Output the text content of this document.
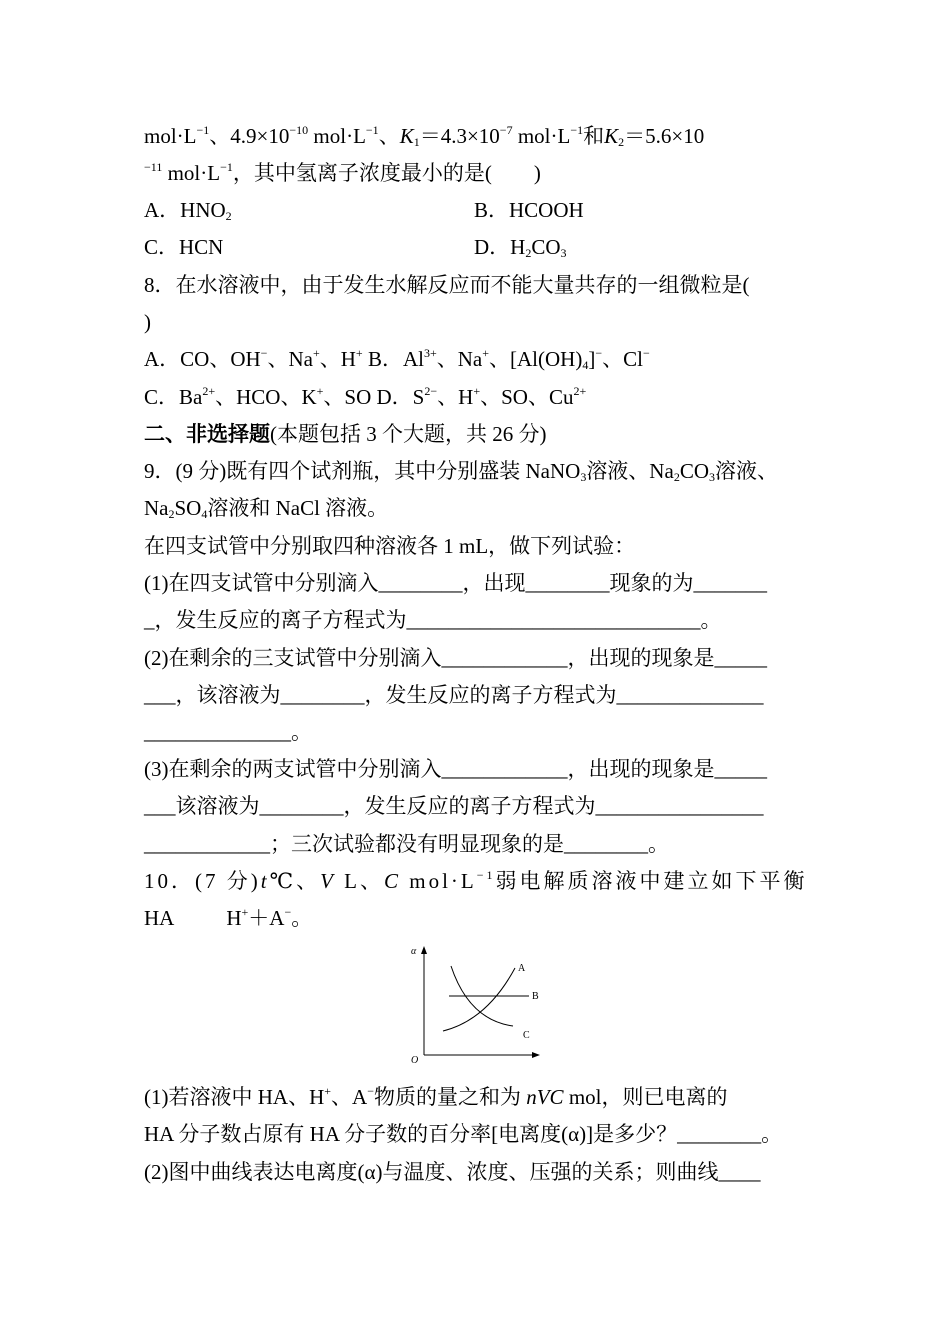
$mol\cdot L^{-1}$、$4.9\times 10^{-10}$ $mol\cdot L^{-1}$、$K_1=4.3\times 10^{-7}$ $mol\cdot L^{-1}$和$K_2=5.6\times 10$
$^{-11}$ $mol\cdot L^{-1}$，其中氢离子浓度最小的是(　　)
A．$HNO_2$	B．HCOOH
C．HCN	D．$H_2CO_3$
8．在水溶液中，由于发生水解反应而不能大量共存的一组微粒是(
)
A．CO、OH−、Na+、H+ B．$Al^{3+}$、Na+、$[Al(OH)_4]^-$、Cl−
C．$Ba^{2+}$、HCO、K+、SO D．$S^{2-}$、H+、SO、$Cu^{2+}$
二、非选择题(本题包括 3 个大题，共 26 分)
9．(9 分)既有四个试剂瓶，其中分别盛装 NaNO$_3$溶液、$Na_2CO_3$溶液、
$Na_2SO_4$溶液和 NaCl 溶液。
在四支试管中分别取四种溶液各 1 mL，做下列试验：
(1)在四支试管中分别滴入________，出现________现象的为_______
_，发生反应的离子方程式为____________________________。
(2)在剩余的三支试管中分别滴入____________，出现的现象是_____
___，该溶液为________，发生反应的离子方程式为______________
______________。
(3)在剩余的两支试管中分别滴入____________，出现的现象是_____
___该溶液为________，发生反应的离子方程式为________________
____________；三次试验都没有明显现象的是________。
10．(7 分)t℃、V L、C $mol\cdot L^{-1}$弱电解质溶液中建立如下平衡
HA H+＋A−。
α
O
A
B
C
(1)若溶液中 HA、H+、A−物质的量之和为 nVC mol，则已电离的
HA 分子数占原有 HA 分子数的百分率[电离度(α)]是多少？________。
(2)图中曲线表达电离度(α)与温度、浓度、压强的关系；则曲线____
